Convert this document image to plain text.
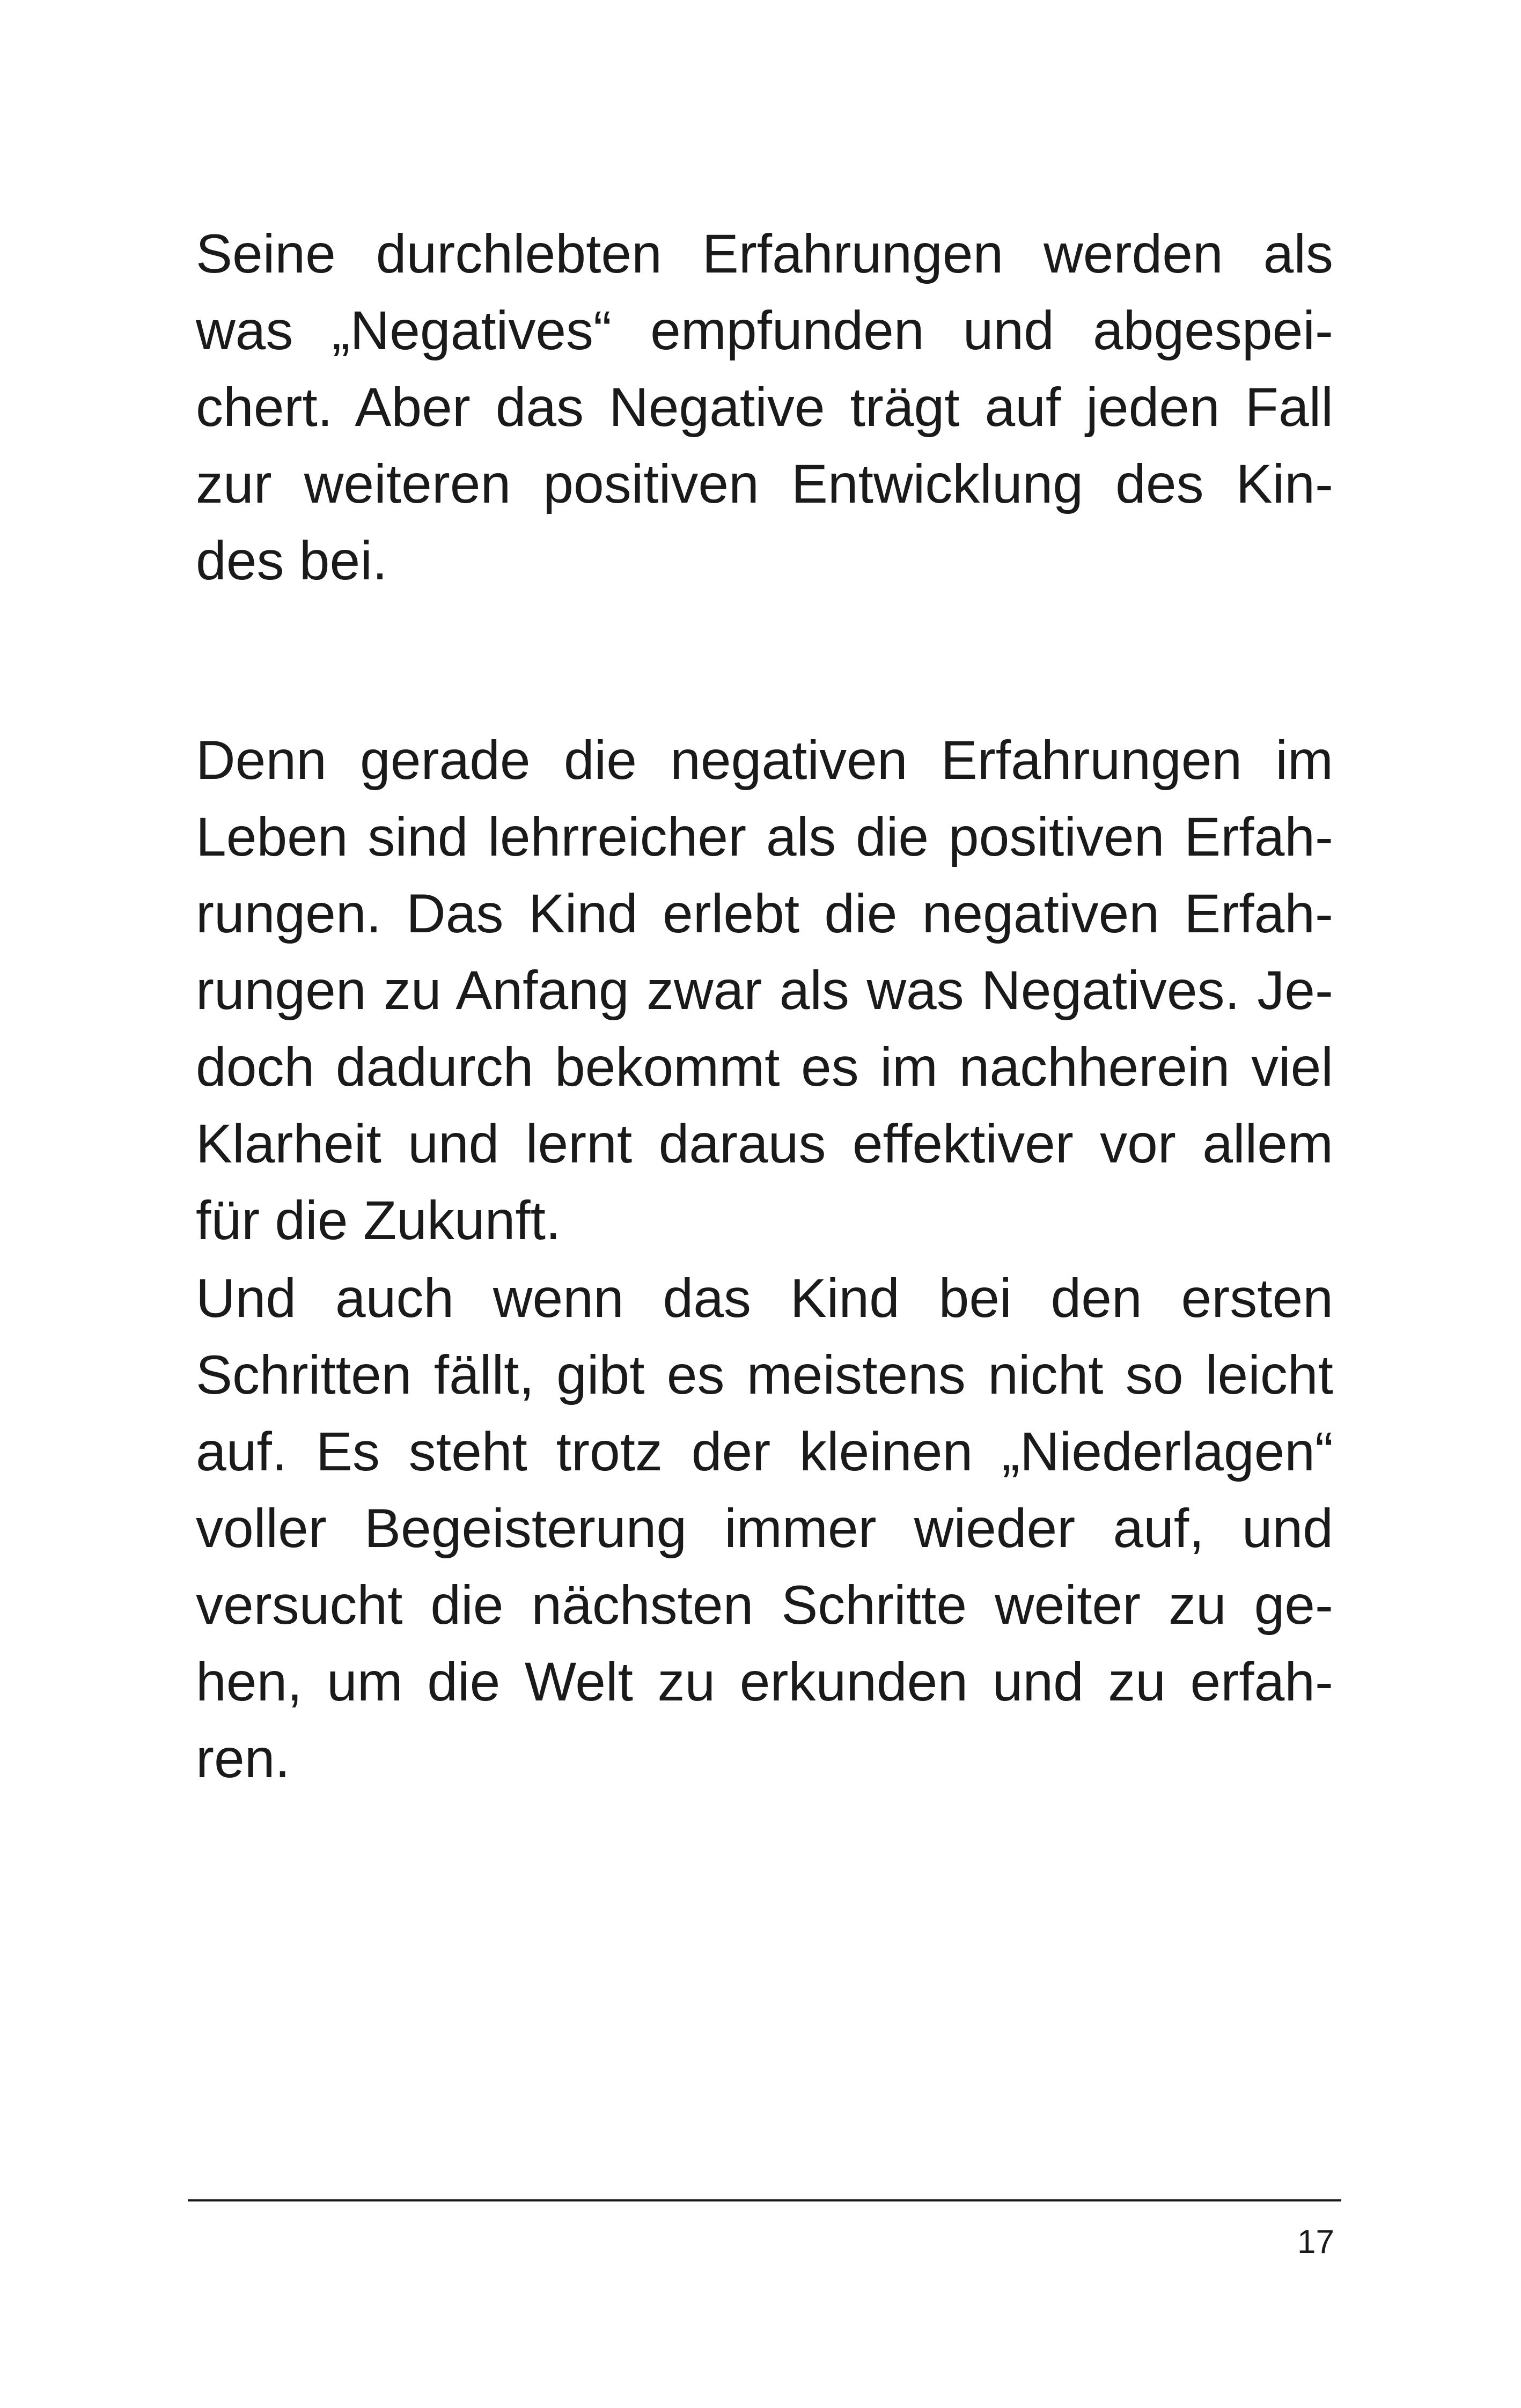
Seine durchlebten Erfahrungen werden als
was „Negatives“ empfunden und abgespei-
chert. Aber das Negative trägt auf jeden Fall
zur weiteren positiven Entwicklung des Kin-
des bei.
Denn gerade die negativen Erfahrungen im
Leben sind lehrreicher als die positiven Erfah-
rungen. Das Kind erlebt die negativen Erfah-
rungen zu Anfang zwar als was Negatives. Je-
doch dadurch bekommt es im nachherein viel
Klarheit und lernt daraus effektiver vor allem
für die Zukunft.
Und auch wenn das Kind bei den ersten
Schritten fällt, gibt es meistens nicht so leicht
auf. Es steht trotz der kleinen „Niederlagen“
voller Begeisterung immer wieder auf, und
versucht die nächsten Schritte weiter zu ge-
hen, um die Welt zu erkunden und zu erfah-
ren.
17
